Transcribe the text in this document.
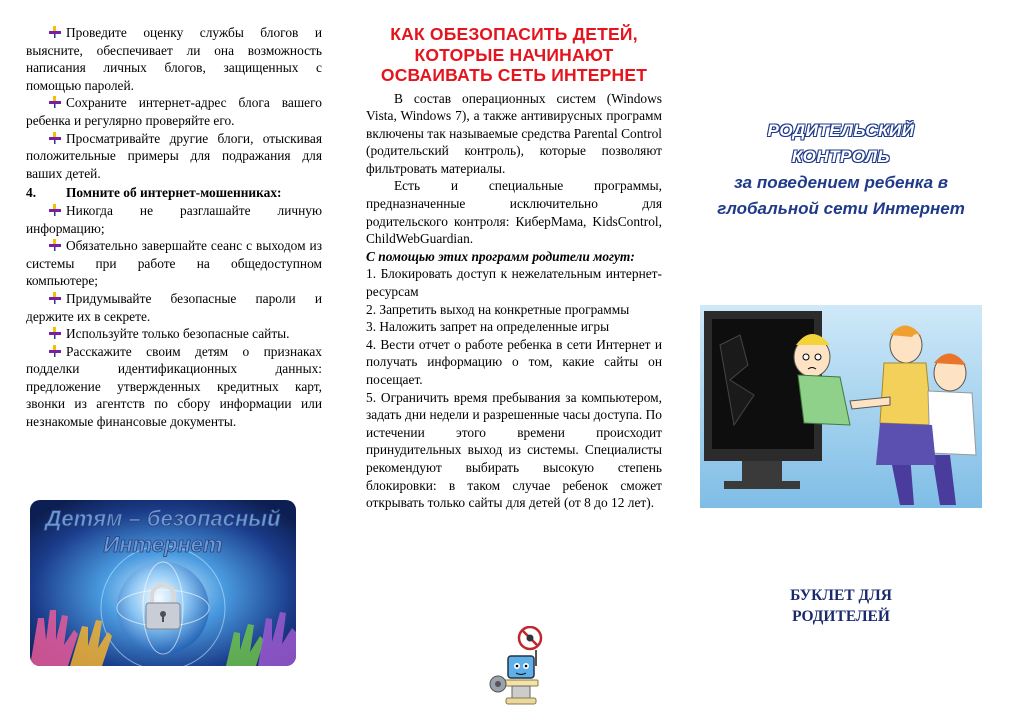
Проведите оценку службы блогов и выясните, обеспечивает ли она возможность написания личных блогов, защищенных с помощью паролей.

Сохраните интернет-адрес блога вашего ребенка и регулярно проверяйте его.

Просматривайте другие блоги, отыскивая положительные примеры для подражания для ваших детей.

4. Помните об интернет-мошенниках:

Никогда не разглашайте личную информацию;

Обязательно завершайте сеанс с выходом из системы при работе на общедоступном компьютере;

Придумывайте безопасные пароли и держите их в секрете.

Используйте только безопасные сайты.

Расскажите своим детям о признаках подделки идентификационных данных: предложение утвержденных кредитных карт, звонки из агентств по сбору информации или незнакомые финансовые документы.

Детям – безопасный
Интернет

КАК ОБЕЗОПАСИТЬ ДЕТЕЙ, КОТОРЫЕ НАЧИНАЮТ ОСВАИВАТЬ СЕТЬ ИНТЕРНЕТ

В состав операционных систем (Windows Vista, Windows 7), а также антивирусных программ включены так называемые средства Parental Control (родительский контроль), которые позволяют фильтровать материалы.

Есть и специальные программы, предназначенные исключительно для родительского контроля: КиберМама, KidsControl, ChildWebGuardian.

С помощью этих программ родители могут:

1. Блокировать доступ к нежелательным интернет-ресурсам

2. Запретить выход на конкретные программы

3. Наложить запрет на определенные игры

4. Вести отчет о работе ребенка в сети Интернет и получать информацию о том, какие сайты он посещает.

5. Ограничить время пребывания за компьютером, задать дни недели и разрешенные часы доступа. По истечении этого времени происходит принудительных выход из системы. Специалисты рекомендуют выбирать высокую степень блокировки: в таком случае ребенок сможет открывать только сайты для детей (от 8 до 12 лет).

РОДИТЕЛЬСКИЙ
КОНТРОЛЬ
за поведением ребенка в
глобальной сети Интернет
БУКЛЕТ ДЛЯ
РОДИТЕЛЕЙ
